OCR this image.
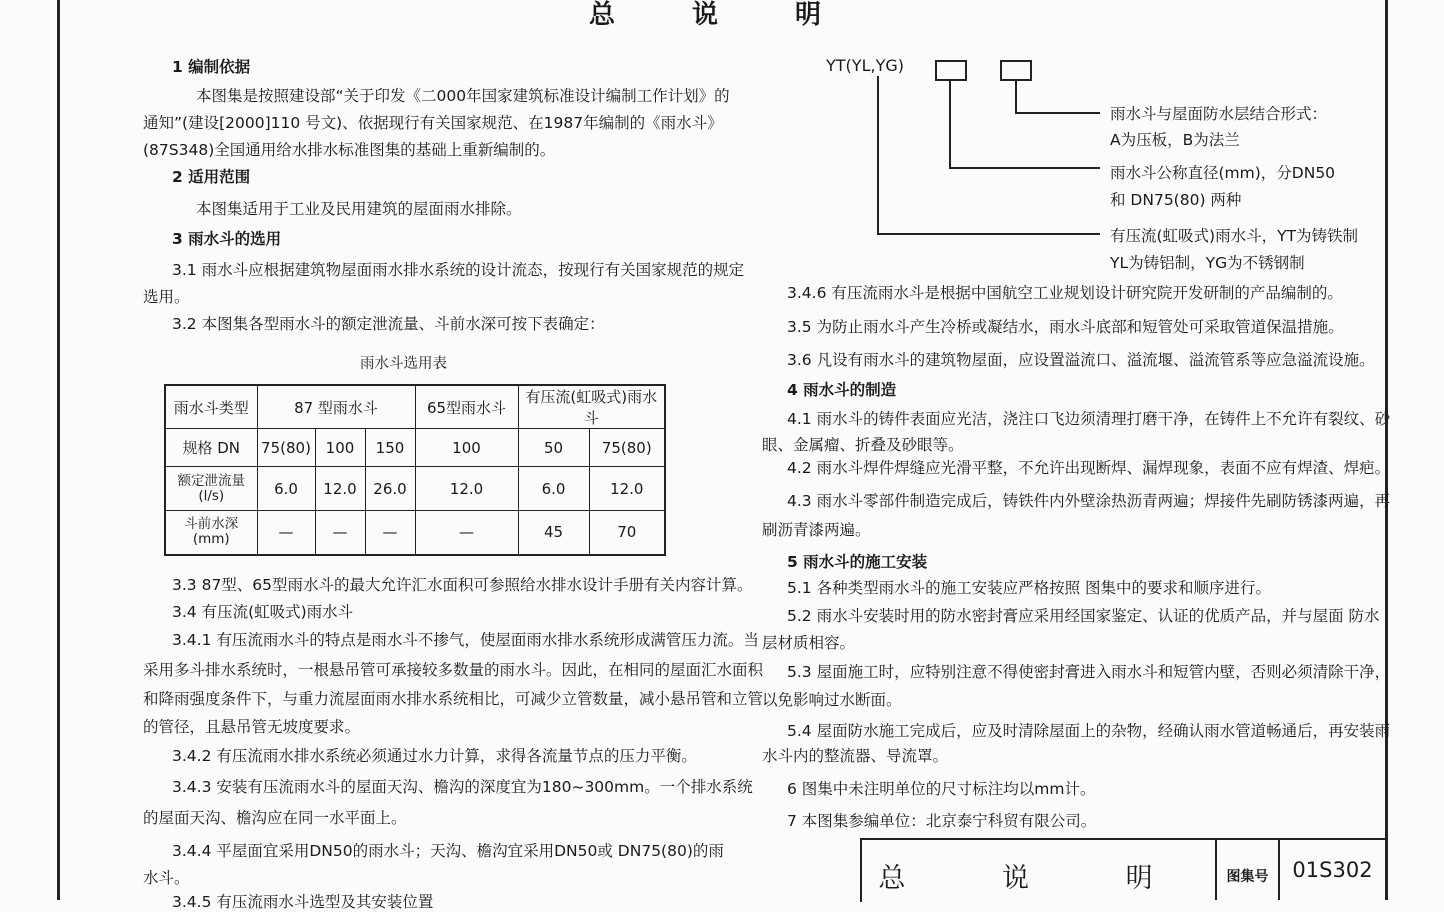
总 说 明
1 编制依据
本图集是按照建设部“关于印发《二000年国家建筑标准设计编制工作计划》的
通知”(建设[2000]110 号文)、依据现行有关国家规范、在1987年编制的《雨水斗》
(87S348)全国通用给水排水标准图集的基础上重新编制的。
2 适用范围
本图集适用于工业及民用建筑的屋面雨水排除。
3 雨水斗的选用
3.1 雨水斗应根据建筑物屋面雨水排水系统的设计流态，按现行有关国家规范的规定
选用。
3.2 本图集各型雨水斗的额定泄流量、斗前水深可按下表确定：
雨水斗选用表
雨水斗类型	87 型雨水斗			65型雨水斗	有压流(虹吸式)雨水斗	
规格 DN	75(80)	100	150	100	50	75(80)

额定泄流量
(l/s)	6.0	12.0	26.0	12.0	6.0	12.0

斗前水深
(mm)	—	—	—	—	45	70
3.3 87型、65型雨水斗的最大允许汇水面积可参照给水排水设计手册有关内容计算。
3.4 有压流(虹吸式)雨水斗
3.4.1 有压流雨水斗的特点是雨水斗不掺气，使屋面雨水排水系统形成满管压力流。当
采用多斗排水系统时，一根悬吊管可承接较多数量的雨水斗。因此，在相同的屋面汇水面积
和降雨强度条件下，与重力流屋面雨水排水系统相比，可减少立管数量，减小悬吊管和立管
的管径，且悬吊管无坡度要求。
3.4.2 有压流雨水排水系统必须通过水力计算，求得各流量节点的压力平衡。
3.4.3 安装有压流雨水斗的屋面天沟、檐沟的深度宜为180~300mm。一个排水系统
的屋面天沟、檐沟应在同一水平面上。
3.4.4 平屋面宜采用DN50的雨水斗；天沟、檐沟宜采用DN50或 DN75(80)的雨
水斗。
3.4.5 有压流雨水斗选型及其安装位置
YT(YL,YG)
雨水斗与屋面防水层结合形式：
A为压板，B为法兰
雨水斗公称直径(mm)，分DN50
和 DN75(80) 两种
有压流(虹吸式)雨水斗，YT为铸铁制
YL为铸铝制，YG为不锈钢制
3.4.6 有压流雨水斗是根据中国航空工业规划设计研究院开发研制的产品编制的。
3.5 为防止雨水斗产生冷桥或凝结水，雨水斗底部和短管处可采取管道保温措施。
3.6 凡设有雨水斗的建筑物屋面，应设置溢流口、溢流堰、溢流管系等应急溢流设施。
4 雨水斗的制造
4.1 雨水斗的铸件表面应光洁，浇注口飞边须清理打磨干净，在铸件上不允许有裂纹、砂
眼、金属瘤、折叠及砂眼等。
4.2 雨水斗焊件焊缝应光滑平整，不允许出现断焊、漏焊现象，表面不应有焊渣、焊疤。
4.3 雨水斗零部件制造完成后，铸铁件内外壁涂热沥青两遍；焊接件先刷防锈漆两遍，再
刷沥青漆两遍。
5 雨水斗的施工安装
5.1 各种类型雨水斗的施工安装应严格按照 图集中的要求和顺序进行。
5.2 雨水斗安装时用的防水密封膏应采用经国家鉴定、认证的优质产品，并与屋面 防水
层材质相容。
5.3 屋面施工时，应特别注意不得使密封膏进入雨水斗和短管内壁，否则必须清除干净，
以免影响过水断面。
5.4 屋面防水施工完成后，应及时清除屋面上的杂物，经确认雨水管道畅通后，再安装雨
水斗内的整流器、导流罩。
6 图集中未注明单位的尺寸标注均以mm计。
7 本图集参编单位：北京泰宁科贸有限公司。
总 说 明	图集号	01S302
